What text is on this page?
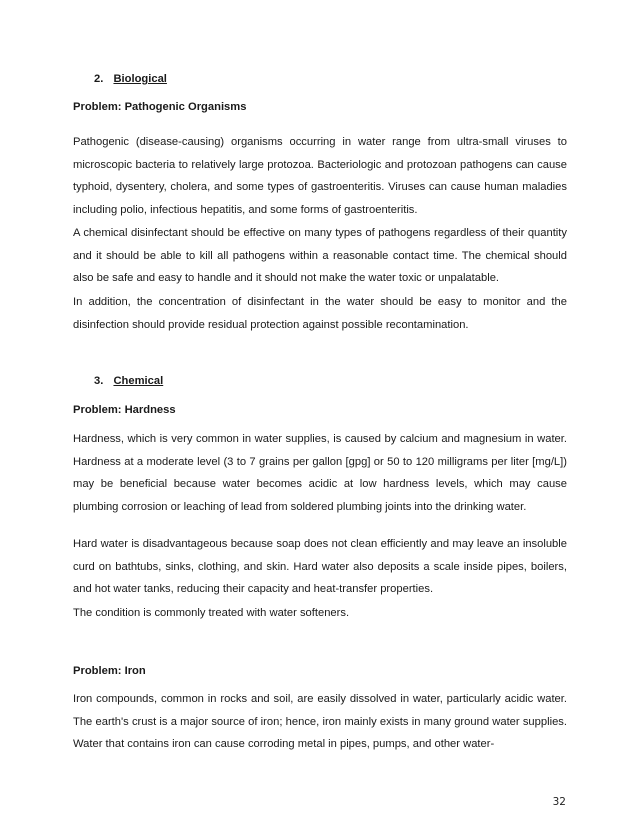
2. Biological
Problem: Pathogenic Organisms

Pathogenic (disease-causing) organisms occurring in water range from ultra-small viruses to microscopic bacteria to relatively large protozoa. Bacteriologic and protozoan pathogens can cause typhoid, dysentery, cholera, and some types of gastroenteritis. Viruses can cause human maladies including polio, infectious hepatitis, and some forms of gastroenteritis.

A chemical disinfectant should be effective on many types of pathogens regardless of their quantity and it should be able to kill all pathogens within a reasonable contact time. The chemical should also be safe and easy to handle and it should not make the water toxic or unpalatable.

In addition, the concentration of disinfectant in the water should be easy to monitor and the disinfection should provide residual protection against possible recontamination.

3. Chemical
Problem: Hardness

Hardness, which is very common in water supplies, is caused by calcium and magnesium in water. Hardness at a moderate level (3 to 7 grains per gallon [gpg] or 50 to 120 milligrams per liter [mg/L]) may be beneficial because water becomes acidic at low hardness levels, which may cause plumbing corrosion or leaching of lead from soldered plumbing joints into the drinking water.

Hard water is disadvantageous because soap does not clean efficiently and may leave an insoluble curd on bathtubs, sinks, clothing, and skin. Hard water also deposits a scale inside pipes, boilers, and hot water tanks, reducing their capacity and heat-transfer properties.

The condition is commonly treated with water softeners.

Problem: Iron

Iron compounds, common in rocks and soil, are easily dissolved in water, particularly acidic water. The earth's crust is a major source of iron; hence, iron mainly exists in many ground water supplies. Water that contains iron can cause corroding metal in pipes, pumps, and other water-

32
